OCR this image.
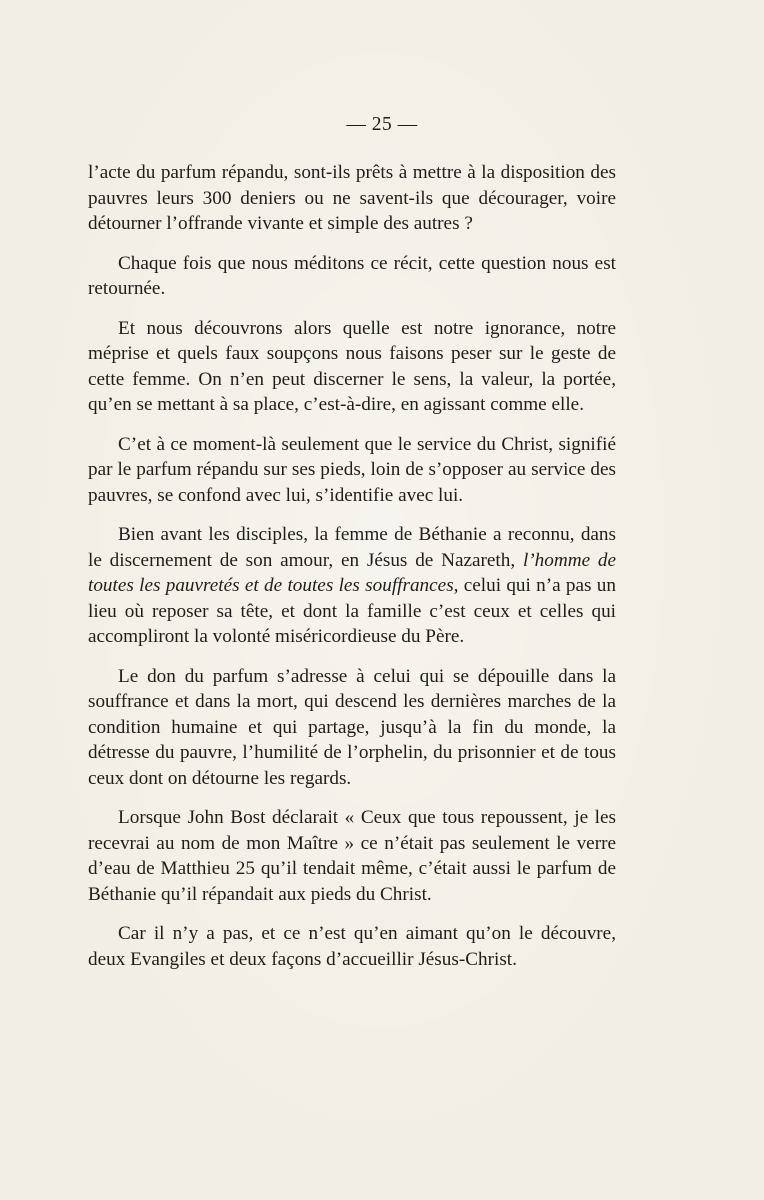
— 25 —

l’acte du parfum répandu, sont-ils prêts à mettre à la disposition des pauvres leurs 300 deniers ou ne savent-ils que décourager, voire détourner l’offrande vivante et simple des autres ?

Chaque fois que nous méditons ce récit, cette question nous est retournée.

Et nous découvrons alors quelle est notre ignorance, notre méprise et quels faux soupçons nous faisons peser sur le geste de cette femme. On n’en peut discerner le sens, la valeur, la portée, qu’en se mettant à sa place, c’est-à-dire, en agissant comme elle.

C’et à ce moment-là seulement que le service du Christ, signifié par le parfum répandu sur ses pieds, loin de s’opposer au service des pauvres, se confond avec lui, s’identifie avec lui.

Bien avant les disciples, la femme de Béthanie a reconnu, dans le discernement de son amour, en Jésus de Nazareth, l’homme de toutes les pauvretés et de toutes les souffrances, celui qui n’a pas un lieu où reposer sa tête, et dont la famille c’est ceux et celles qui accompliront la volonté miséricordieuse du Père.

Le don du parfum s’adresse à celui qui se dépouille dans la souffrance et dans la mort, qui descend les dernières marches de la condition humaine et qui partage, jusqu’à la fin du monde, la détresse du pauvre, l’humilité de l’orphelin, du prisonnier et de tous ceux dont on détourne les regards.

Lorsque John Bost déclarait « Ceux que tous repoussent, je les recevrai au nom de mon Maître » ce n’était pas seulement le verre d’eau de Matthieu 25 qu’il tendait même, c’était aussi le parfum de Béthanie qu’il répandait aux pieds du Christ.

Car il n’y a pas, et ce n’est qu’en aimant qu’on le découvre, deux Evangiles et deux façons d’accueillir Jésus-Christ.
